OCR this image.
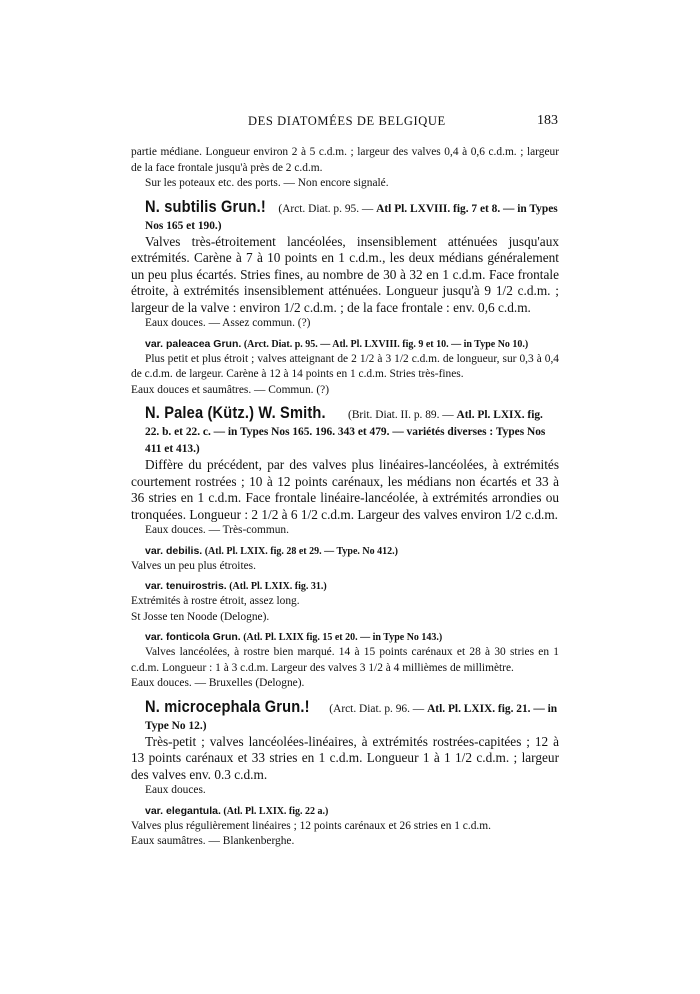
DES DIATOMÉES DE BELGIQUE	183

partie médiane. Longueur environ 2 à 5 c.d.m. ; largeur des valves 0,4 à 0,6 c.d.m. ; largeur de la face frontale jusqu'à près de 2 c.d.m.

Sur les poteaux etc. des ports. — Non encore signalé.

N. subtilis Grun.! (Arct. Diat. p. 95. — Atl Pl. LXVIII. fig. 7 et 8. — in Types Nos 165 et 190.)

Valves très-étroitement lancéolées, insensiblement atténuées jusqu'aux extrémités. Carène à 7 à 10 points en 1 c.d.m., les deux médians généralement un peu plus écartés. Stries fines, au nombre de 30 à 32 en 1 c.d.m. Face frontale étroite, à extrémités insensiblement atténuées. Longueur jusqu'à 9 1/2 c.d.m. ; largeur de la valve : environ 1/2 c.d.m. ; de la face frontale : env. 0,6 c.d.m.

Eaux douces. — Assez commun. (?)

var. paleacea Grun. (Arct. Diat. p. 95. — Atl. Pl. LXVIII. fig. 9 et 10. — in Type No 10.)

Plus petit et plus étroit ; valves atteignant de 2 1/2 à 3 1/2 c.d.m. de longueur, sur 0,3 à 0,4 de c.d.m. de largeur. Carène à 12 à 14 points en 1 c.d.m. Stries très-fines.

Eaux douces et saumâtres. — Commun. (?)

N. Palea (Kütz.) W. Smith. (Brit. Diat. II. p. 89. — Atl. Pl. LXIX. fig. 22. b. et 22. c. — in Types Nos 165. 196. 343 et 479. — variétés diverses : Types Nos 411 et 413.)

Diffère du précédent, par des valves plus linéaires-lancéolées, à extrémités courtement rostrées ; 10 à 12 points carénaux, les médians non écartés et 33 à 36 stries en 1 c.d.m. Face frontale linéaire-lancéolée, à extrémités arrondies ou tronquées. Longueur : 2 1/2 à 6 1/2 c.d.m. Largeur des valves environ 1/2 c.d.m.

Eaux douces. — Très-commun.

var. debilis. (Atl. Pl. LXIX. fig. 28 et 29. — Type. No 412.)

Valves un peu plus étroites.

var. tenuirostris. (Atl. Pl. LXIX. fig. 31.)

Extrémités à rostre étroit, assez long.

St Josse ten Noode (Delogne).

var. fonticola Grun. (Atl. Pl. LXIX fig. 15 et 20. — in Type No 143.)

Valves lancéolées, à rostre bien marqué. 14 à 15 points carénaux et 28 à 30 stries en 1 c.d.m. Longueur : 1 à 3 c.d.m. Largeur des valves 3 1/2 à 4 millièmes de millimètre.

Eaux douces. — Bruxelles (Delogne).

N. microcephala Grun.! (Arct. Diat. p. 96. — Atl. Pl. LXIX. fig. 21. — in Type No 12.)

Très-petit ; valves lancéolées-linéaires, à extrémités rostrées-capitées ; 12 à 13 points carénaux et 33 stries en 1 c.d.m. Longueur 1 à 1 1/2 c.d.m. ; largeur des valves env. 0.3 c.d.m.

Eaux douces.

var. elegantula. (Atl. Pl. LXIX. fig. 22 a.)

Valves plus régulièrement linéaires ; 12 points carénaux et 26 stries en 1 c.d.m.

Eaux saumâtres. — Blankenberghe.
